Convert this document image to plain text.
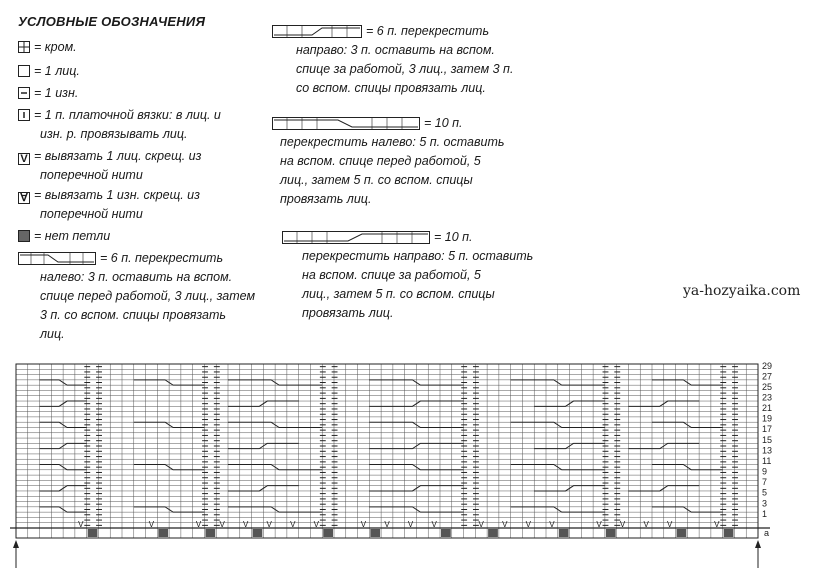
УСЛОВНЫЕ ОБОЗНАЧЕНИЯ
= кром.
= 1 лиц.
= 1 изн.
= 1 п. платочной вязки: в лиц. и
изн. р. провязывать лиц.
V = вывязать 1 лиц. скрещ. из
поперечной нити
∀ = вывязать 1 изн. скрещ. из
поперечной нити
= нет петли
= 6 п. перекрестить
налево: 3 п. оставить на вспом.
спице перед работой, 3 лиц., затем
3 п. со вспом. спицы провязать
лиц.
= 6 п. перекрестить
направо: 3 п. оставить на вспом.
спице за работой, 3 лиц., затем 3 п.
со вспом. спицы провязать лиц.
= 10 п.
перекрестить налево: 5 п. оставить
на вспом. спице перед работой, 5
лиц., затем 5 п. со вспом. спицы
провязать лиц.
= 10 п.
перекрестить направо: 5 п. оставить
на вспом. спице за работой, 5
лиц., затем 5 п. со вспом. спицы
провязать лиц.
ya-hozyaika.com
V	V	V V V V V V	V V V V	V V V V	V V V V	V
29
27
25
23
21
19
17
15
13
11
9
7
5
3
1
а
